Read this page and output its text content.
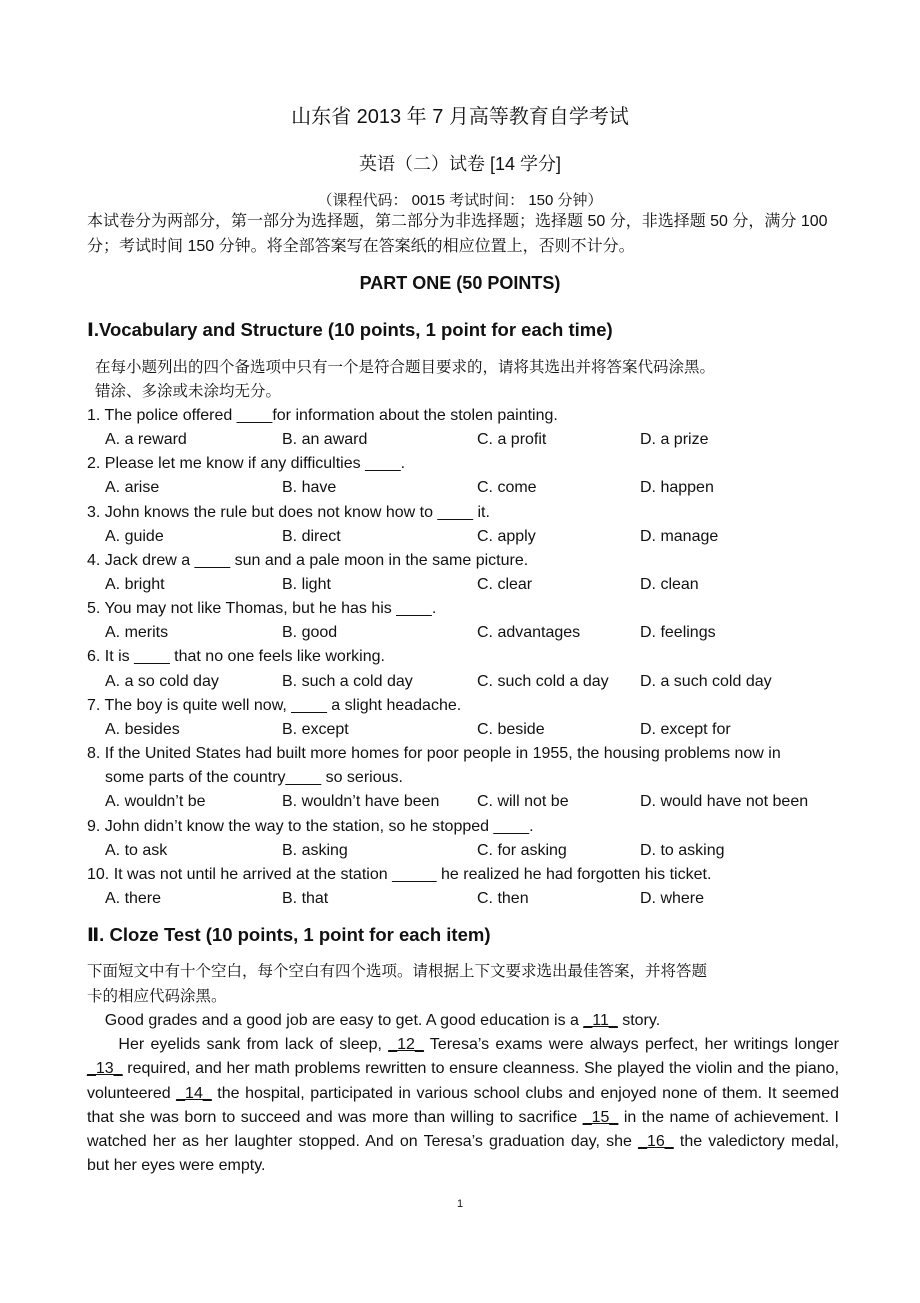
山东省 2013 年 7 月高等教育自学考试
英语（二）试卷 [14 学分]
（课程代码： 0015 考试时间： 150 分钟）
本试卷分为两部分，第一部分为选择题，第二部分为非选择题；选择题 50 分，非选择题 50 分，满分 100 分；考试时间 150 分钟。将全部答案写在答案纸的相应位置上，否则不计分。
PART ONE (50 POINTS)
Ⅰ.Vocabulary and Structure (10 points, 1 point for each time)
在每小题列出的四个备选项中只有一个是符合题目要求的，请将其选出并将答案代码涂黑。
错涂、多涂或未涂均无分。
1. The police offered ____for information about the stolen painting.
A. a reward	B. an award	C. a profit	D. a prize
2. Please let me know if any difficulties ____.
A. arise	B. have	C. come	D. happen
3. John knows the rule but does not know how to ____ it.
A. guide	B. direct	C. apply	D. manage
4. Jack drew a ____ sun and a pale moon in the same picture.
A. bright	B. light	C. clear	D. clean
5. You may not like Thomas, but he has his ____.
A. merits	B. good	C. advantages	D. feelings
6. It is ____ that no one feels like working.
A. a so cold day	B. such a cold day	C. such cold a day D. a such cold day
7. The boy is quite well now, ____ a slight headache.
A. besides	B. except	C. beside	D. except for
8. If the United States had built more homes for poor people in 1955, the housing problems now in
some parts of the country____ so serious.
A. wouldn’t be	B. wouldn’t have been C. will not be	D. would have not been
9. John didn’t know the way to the station, so he stopped ____.
A. to ask	B. asking	C. for asking	D. to asking
10. It was not until he arrived at the station _____ he realized he had forgotten his ticket.
A. there	B. that	C. then	D. where
Ⅱ. Cloze Test (10 points, 1 point for each item)
下面短文中有十个空白，每个空白有四个选项。请根据上下文要求选出最佳答案，并将答题
卡的相应代码涂黑。

Good grades and a good job are easy to get. A good education is a _11_ story.

Her eyelids sank from lack of sleep, _12_ Teresa’s exams were always perfect, her writings longer _13_ required, and her math problems rewritten to ensure cleanness. She played the violin and the piano, volunteered _14_ the hospital, participated in various school clubs and enjoyed none of them. It seemed that she was born to succeed and was more than willing to sacrifice _15_ in the name of achievement. I watched her as her laughter stopped. And on Teresa’s graduation day, she _16_ the valedictory medal, but her eyes were empty.

1
